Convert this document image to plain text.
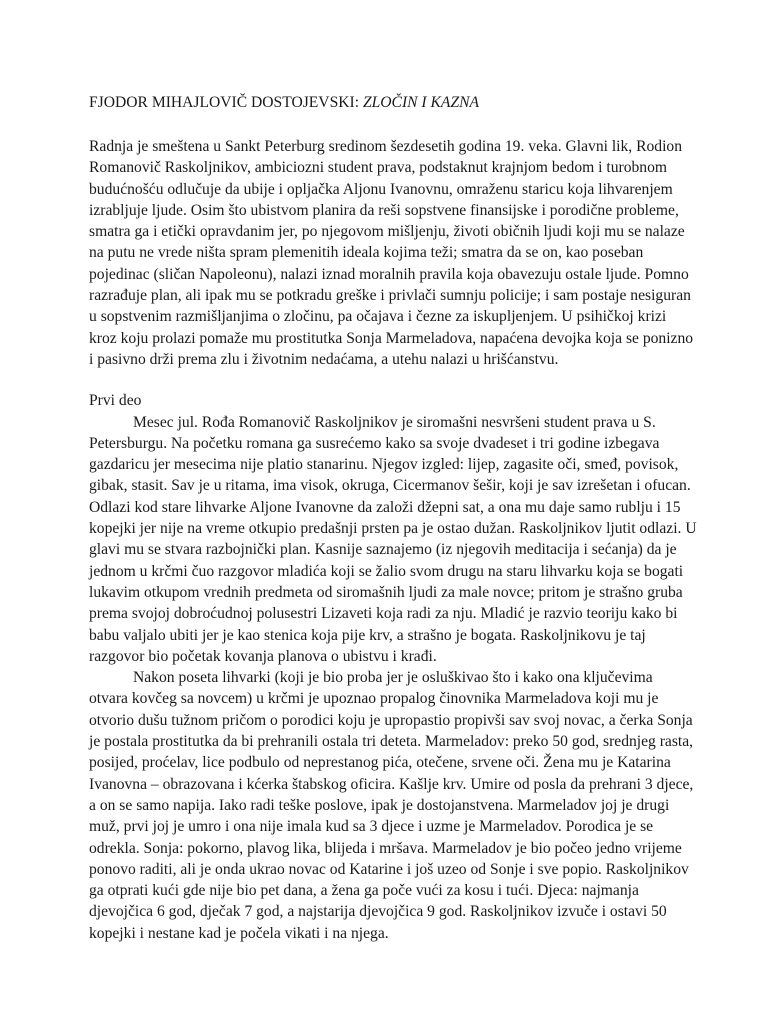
FJODOR MIHAJLOVIČ DOSTOJEVSKI: ZLOČIN I KAZNA

Radnja je smeštena u Sankt Peterburg sredinom šezdesetih godina 19. veka. Glavni lik, Rodion
Romanovič Raskoljnikov, ambiciozni student prava, podstaknut krajnjom bedom i turobnom
budućnošću odlučuje da ubije i opljačka Aljonu Ivanovnu, omraženu staricu koja lihvarenjem
izrabljuje ljude. Osim što ubistvom planira da reši sopstvene finansijske i porodične probleme,
smatra ga i etički opravdanim jer, po njegovom mišljenju, životi običnih ljudi koji mu se nalaze
na putu ne vrede ništa spram plemenitih ideala kojima teži; smatra da se on, kao poseban
pojedinac (sličan Napoleonu), nalazi iznad moralnih pravila koja obavezuju ostale ljude. Pomno
razrađuje plan, ali ipak mu se potkradu greške i privlači sumnju policije; i sam postaje nesiguran
u sopstvenim razmišljanjima o zločinu, pa očajava i čezne za iskupljenjem. U psihičkoj krizi
kroz koju prolazi pomaže mu prostitutka Sonja Marmeladova, napaćena devojka koja se ponizno
i pasivno drži prema zlu i životnim nedaćama, a utehu nalazi u hrišćanstvu.
Prvi deo
Mesec jul. Rođa Romanovič Raskoljnikov je siromašni nesvršeni student prava u S.
Petersburgu. Na početku romana ga susrećemo kako sa svoje dvadeset i tri godine izbegava
gazdaricu jer mesecima nije platio stanarinu. Njegov izgled: lijep, zagasite oči, smeđ, povisok,
gibak, stasit. Sav je u ritama, ima visok, okruga, Cicermanov šešir, koji je sav izrešetan i ofucan.
Odlazi kod stare lihvarke Aljone Ivanovne da založi džepni sat, a ona mu daje samo rublju i 15
kopejki jer nije na vreme otkupio predašnji prsten pa je ostao dužan. Raskoljnikov ljutit odlazi. U
glavi mu se stvara razbojnički plan. Kasnije saznajemo (iz njegovih meditacija i sećanja) da je
jednom u krčmi čuo razgovor mladića koji se žalio svom drugu na staru lihvarku koja se bogati
lukavim otkupom vrednih predmeta od siromašnih ljudi za male novce; pritom je strašno gruba
prema svojoj dobroćudnoj polusestri Lizaveti koja radi za nju. Mladić je razvio teoriju kako bi
babu valjalo ubiti jer je kao stenica koja pije krv, a strašno je bogata. Raskoljnikovu je taj
razgovor bio početak kovanja planova o ubistvu i krađi.
Nakon poseta lihvarki (koji je bio proba jer je osluškivao što i kako ona ključevima
otvara kovčeg sa novcem) u krčmi je upoznao propalog činovnika Marmeladova koji mu je
otvorio dušu tužnom pričom o porodici koju je upropastio propivši sav svoj novac, a čerka Sonja
je postala prostitutka da bi prehranili ostala tri deteta. Marmeladov: preko 50 god, srednjeg rasta,
posijed, proćelav, lice podbulo od neprestanog pića, otečene, srvene oči. Žena mu je Katarina
Ivanovna – obrazovana i kćerka štabskog oficira. Kašlje krv. Umire od posla da prehrani 3 djece,
a on se samo napija. Iako radi teške poslove, ipak je dostojanstvena. Marmeladov joj je drugi
muž, prvi joj je umro i ona nije imala kud sa 3 djece i uzme je Marmeladov. Porodica je se
odrekla. Sonja: pokorno, plavog lika, blijeda i mršava. Marmeladov je bio počeo jedno vrijeme
ponovo raditi, ali je onda ukrao novac od Katarine i još uzeo od Sonje i sve popio. Raskoljnikov
ga otprati kući gde nije bio pet dana, a žena ga poče vući za kosu i tući. Djeca: najmanja
djevojčica 6 god, dječak 7 god, a najstarija djevojčica 9 god. Raskoljnikov izvuče i ostavi 50
kopejki i nestane kad je počela vikati i na njega.
